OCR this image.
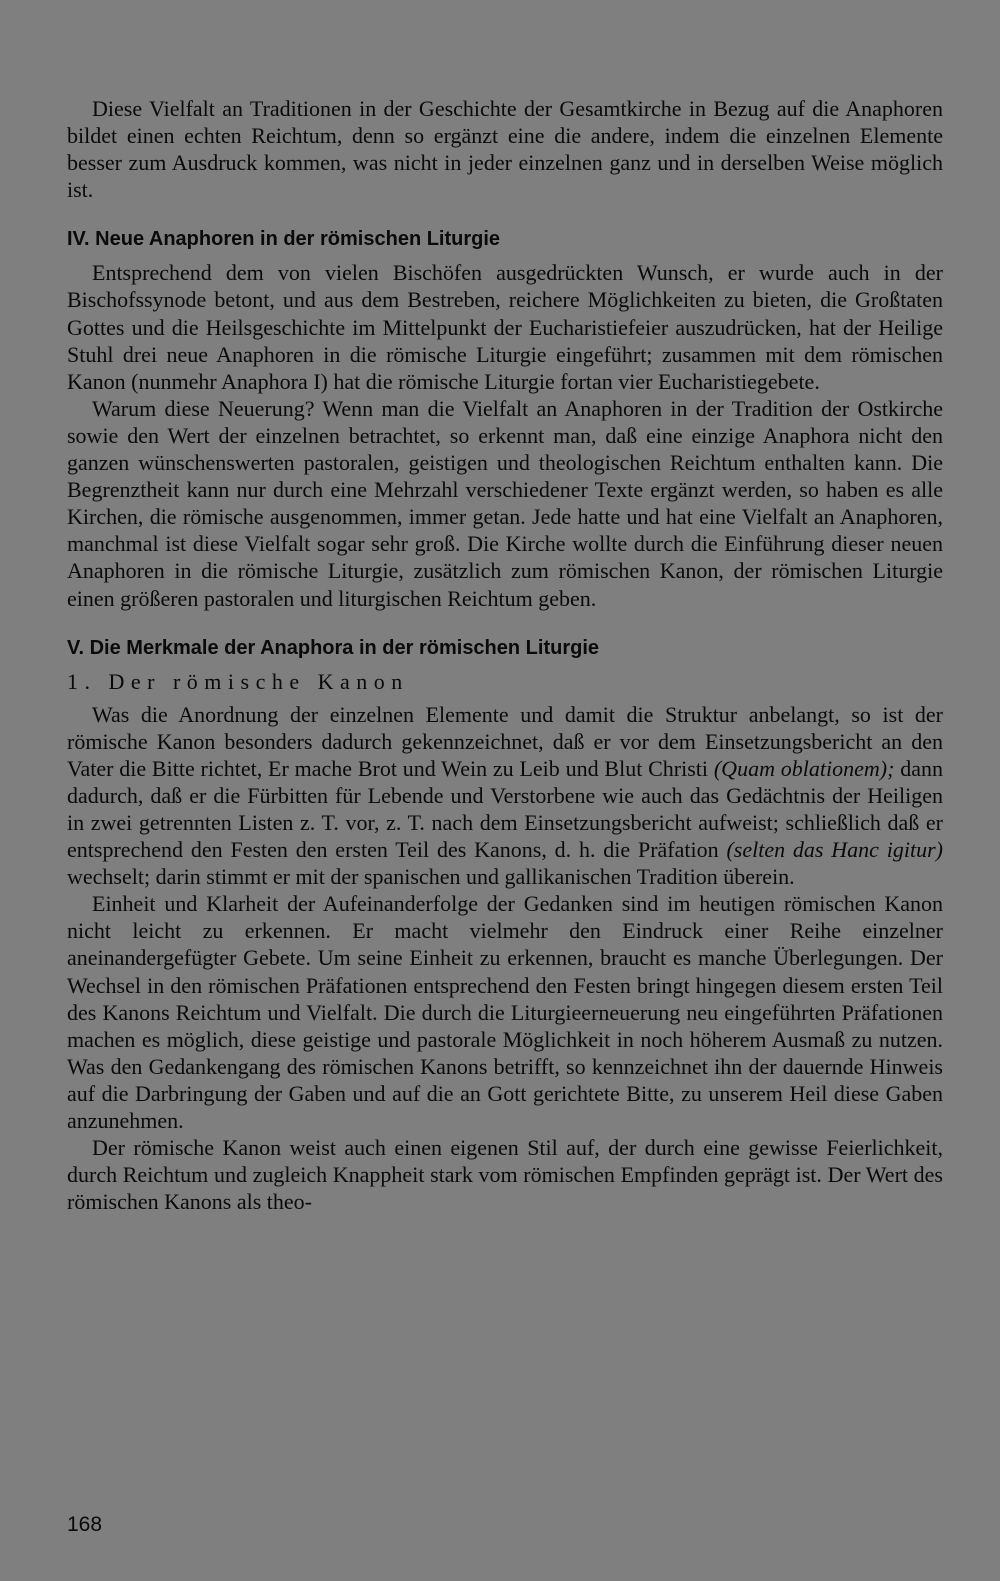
Diese Vielfalt an Traditionen in der Geschichte der Gesamtkirche in Bezug auf die Anaphoren bildet einen echten Reichtum, denn so ergänzt eine die andere, indem die einzelnen Elemente besser zum Ausdruck kommen, was nicht in jeder einzelnen ganz und in derselben Weise möglich ist.

IV. Neue Anaphoren in der römischen Liturgie

Entsprechend dem von vielen Bischöfen ausgedrückten Wunsch, er wurde auch in der Bischofssynode betont, und aus dem Bestreben, reichere Möglichkeiten zu bieten, die Großtaten Gottes und die Heilsgeschichte im Mittelpunkt der Eucharistiefeier auszudrücken, hat der Heilige Stuhl drei neue Anaphoren in die römische Liturgie eingeführt; zusammen mit dem römischen Kanon (nunmehr Anaphora I) hat die römische Liturgie fortan vier Eucharistiegebete.

Warum diese Neuerung? Wenn man die Vielfalt an Anaphoren in der Tradition der Ostkirche sowie den Wert der einzelnen betrachtet, so erkennt man, daß eine einzige Anaphora nicht den ganzen wünschenswerten pastoralen, geistigen und theologischen Reichtum enthalten kann. Die Begrenztheit kann nur durch eine Mehrzahl verschiedener Texte ergänzt werden, so haben es alle Kirchen, die römische ausgenommen, immer getan. Jede hatte und hat eine Vielfalt an Anaphoren, manchmal ist diese Vielfalt sogar sehr groß. Die Kirche wollte durch die Einführung dieser neuen Anaphoren in die römische Liturgie, zusätzlich zum römischen Kanon, der römischen Liturgie einen größeren pastoralen und liturgischen Reichtum geben.

V. Die Merkmale der Anaphora in der römischen Liturgie
1. Der römische Kanon

Was die Anordnung der einzelnen Elemente und damit die Struktur anbelangt, so ist der römische Kanon besonders dadurch gekennzeichnet, daß er vor dem Einsetzungsbericht an den Vater die Bitte richtet, Er mache Brot und Wein zu Leib und Blut Christi (Quam oblationem); dann dadurch, daß er die Fürbitten für Lebende und Verstorbene wie auch das Gedächtnis der Heiligen in zwei getrennten Listen z. T. vor, z. T. nach dem Einsetzungsbericht aufweist; schließlich daß er entsprechend den Festen den ersten Teil des Kanons, d. h. die Präfation (selten das Hanc igitur) wechselt; darin stimmt er mit der spanischen und gallikanischen Tradition überein.

Einheit und Klarheit der Aufeinanderfolge der Gedanken sind im heutigen römischen Kanon nicht leicht zu erkennen. Er macht vielmehr den Eindruck einer Reihe einzelner aneinandergefügter Gebete. Um seine Einheit zu erkennen, braucht es manche Überlegungen. Der Wechsel in den römischen Präfationen entsprechend den Festen bringt hingegen diesem ersten Teil des Kanons Reichtum und Vielfalt. Die durch die Liturgieerneuerung neu eingeführten Präfationen machen es möglich, diese geistige und pastorale Möglichkeit in noch höherem Ausmaß zu nutzen. Was den Gedankengang des römischen Kanons betrifft, so kennzeichnet ihn der dauernde Hinweis auf die Darbringung der Gaben und auf die an Gott gerichtete Bitte, zu unserem Heil diese Gaben anzunehmen.

Der römische Kanon weist auch einen eigenen Stil auf, der durch eine gewisse Feierlichkeit, durch Reichtum und zugleich Knappheit stark vom römischen Empfinden geprägt ist. Der Wert des römischen Kanons als theo-

168
